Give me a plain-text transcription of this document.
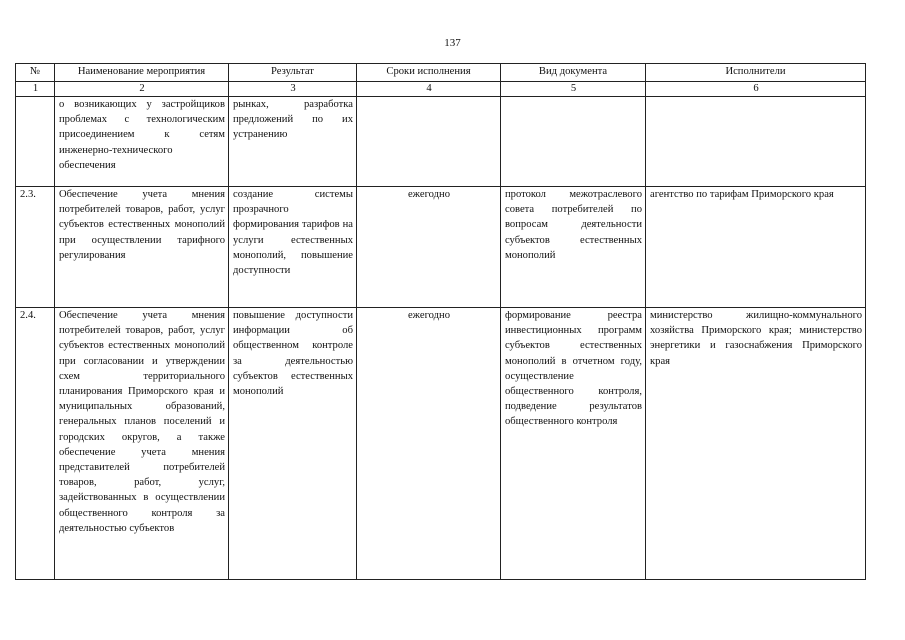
137
№	Наименование мероприятия	Результат	Сроки исполнения	Вид документа	Исполнители
1	2	3	4	5	6
	о возникающих у застройщиков проблемах с технологическим присоединением к сетям инженерно-технического обеспечения	рынках, разработка предложений по их устранению			
2.3.	Обеспечение учета мнения потребителей товаров, работ, услуг субъектов естественных монополий при осуществлении тарифного регулирования	создание системы прозрачного формирования тарифов на услуги естественных монополий, повышение доступности	ежегодно	протокол межотраслевого совета потребителей по вопросам деятельности субъектов естественных монополий	агентство по тарифам Приморского края
2.4.	Обеспечение учета мнения потребителей товаров, работ, услуг субъектов естественных монополий при согласовании и утверждении схем территориального планирования Приморского края и муниципальных образований, генеральных планов поселений и городских округов, а также обеспечение учета мнения представителей потребителей товаров, работ, услуг, задействованных в осуществлении общественного контроля за деятельностью субъектов	повышение доступности информации об общественном контроле за деятельностью субъектов естественных монополий	ежегодно	формирование реестра инвестиционных программ субъектов естественных монополий в отчетном году, осуществление общественного контроля, подведение результатов общественного контроля	министерство жилищно-коммунального хозяйства Приморского края; министерство энергетики и газоснабжения Приморского края
